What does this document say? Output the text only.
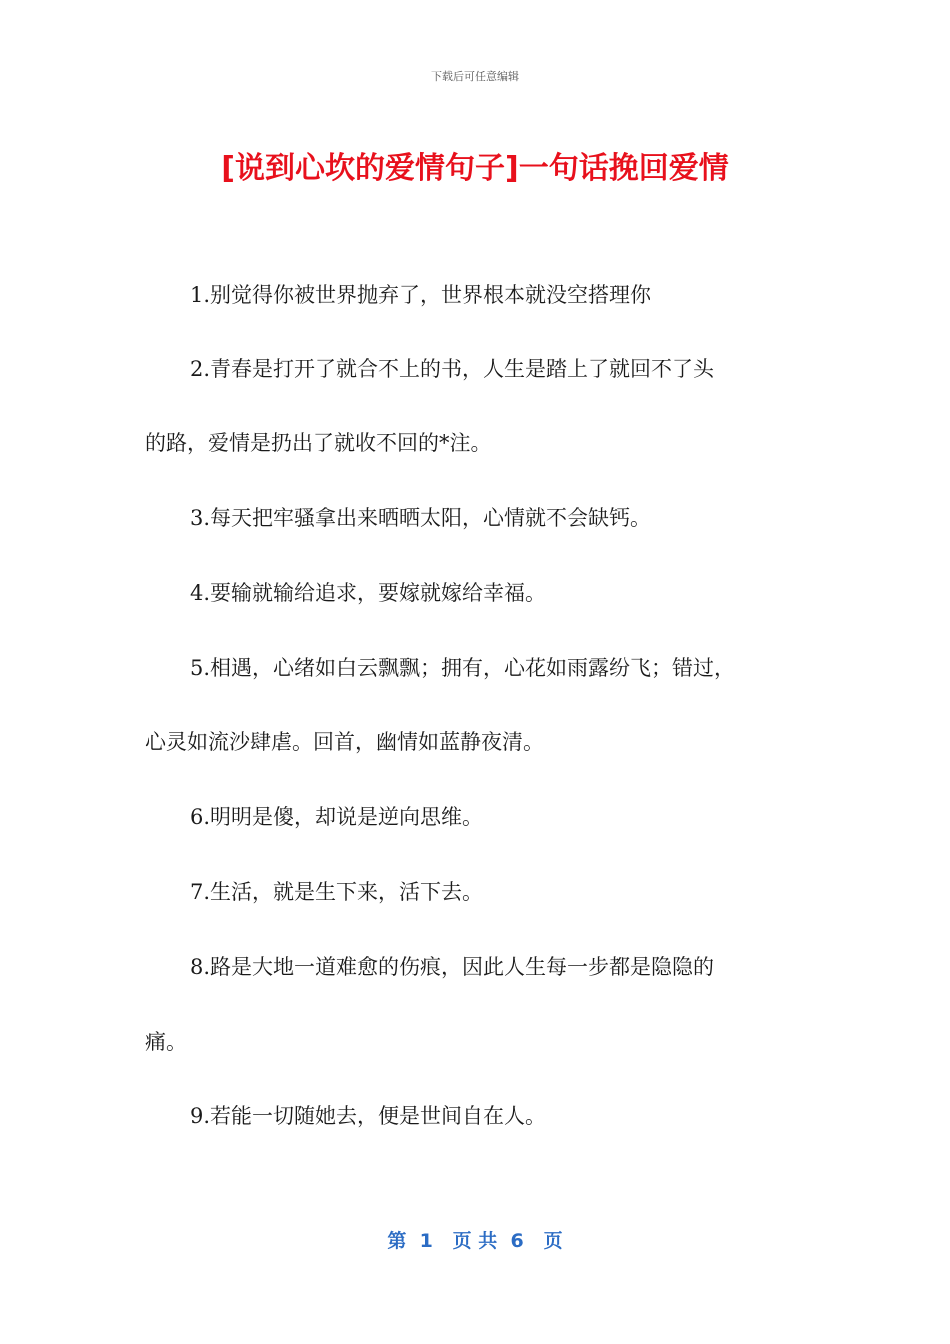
下载后可任意编辑
[说到心坎的爱情句子]一句话挽回爱情
1.别觉得你被世界抛弃了，世界根本就没空搭理你
2.青春是打开了就合不上的书，人生是踏上了就回不了头
的路，爱情是扔出了就收不回的*注。
3.每天把牢骚拿出来晒晒太阳，心情就不会缺钙。
4.要输就输给追求，要嫁就嫁给幸福。
5.相遇，心绪如白云飘飘；拥有，心花如雨露纷飞；错过，
心灵如流沙肆虐。回首，幽情如蓝静夜清。
6.明明是傻，却说是逆向思维。
7.生活，就是生下来，活下去。
8.路是大地一道难愈的伤痕，因此人生每一步都是隐隐的
痛。
9.若能一切随她去，便是世间自在人。
第  1   页 共  6   页
